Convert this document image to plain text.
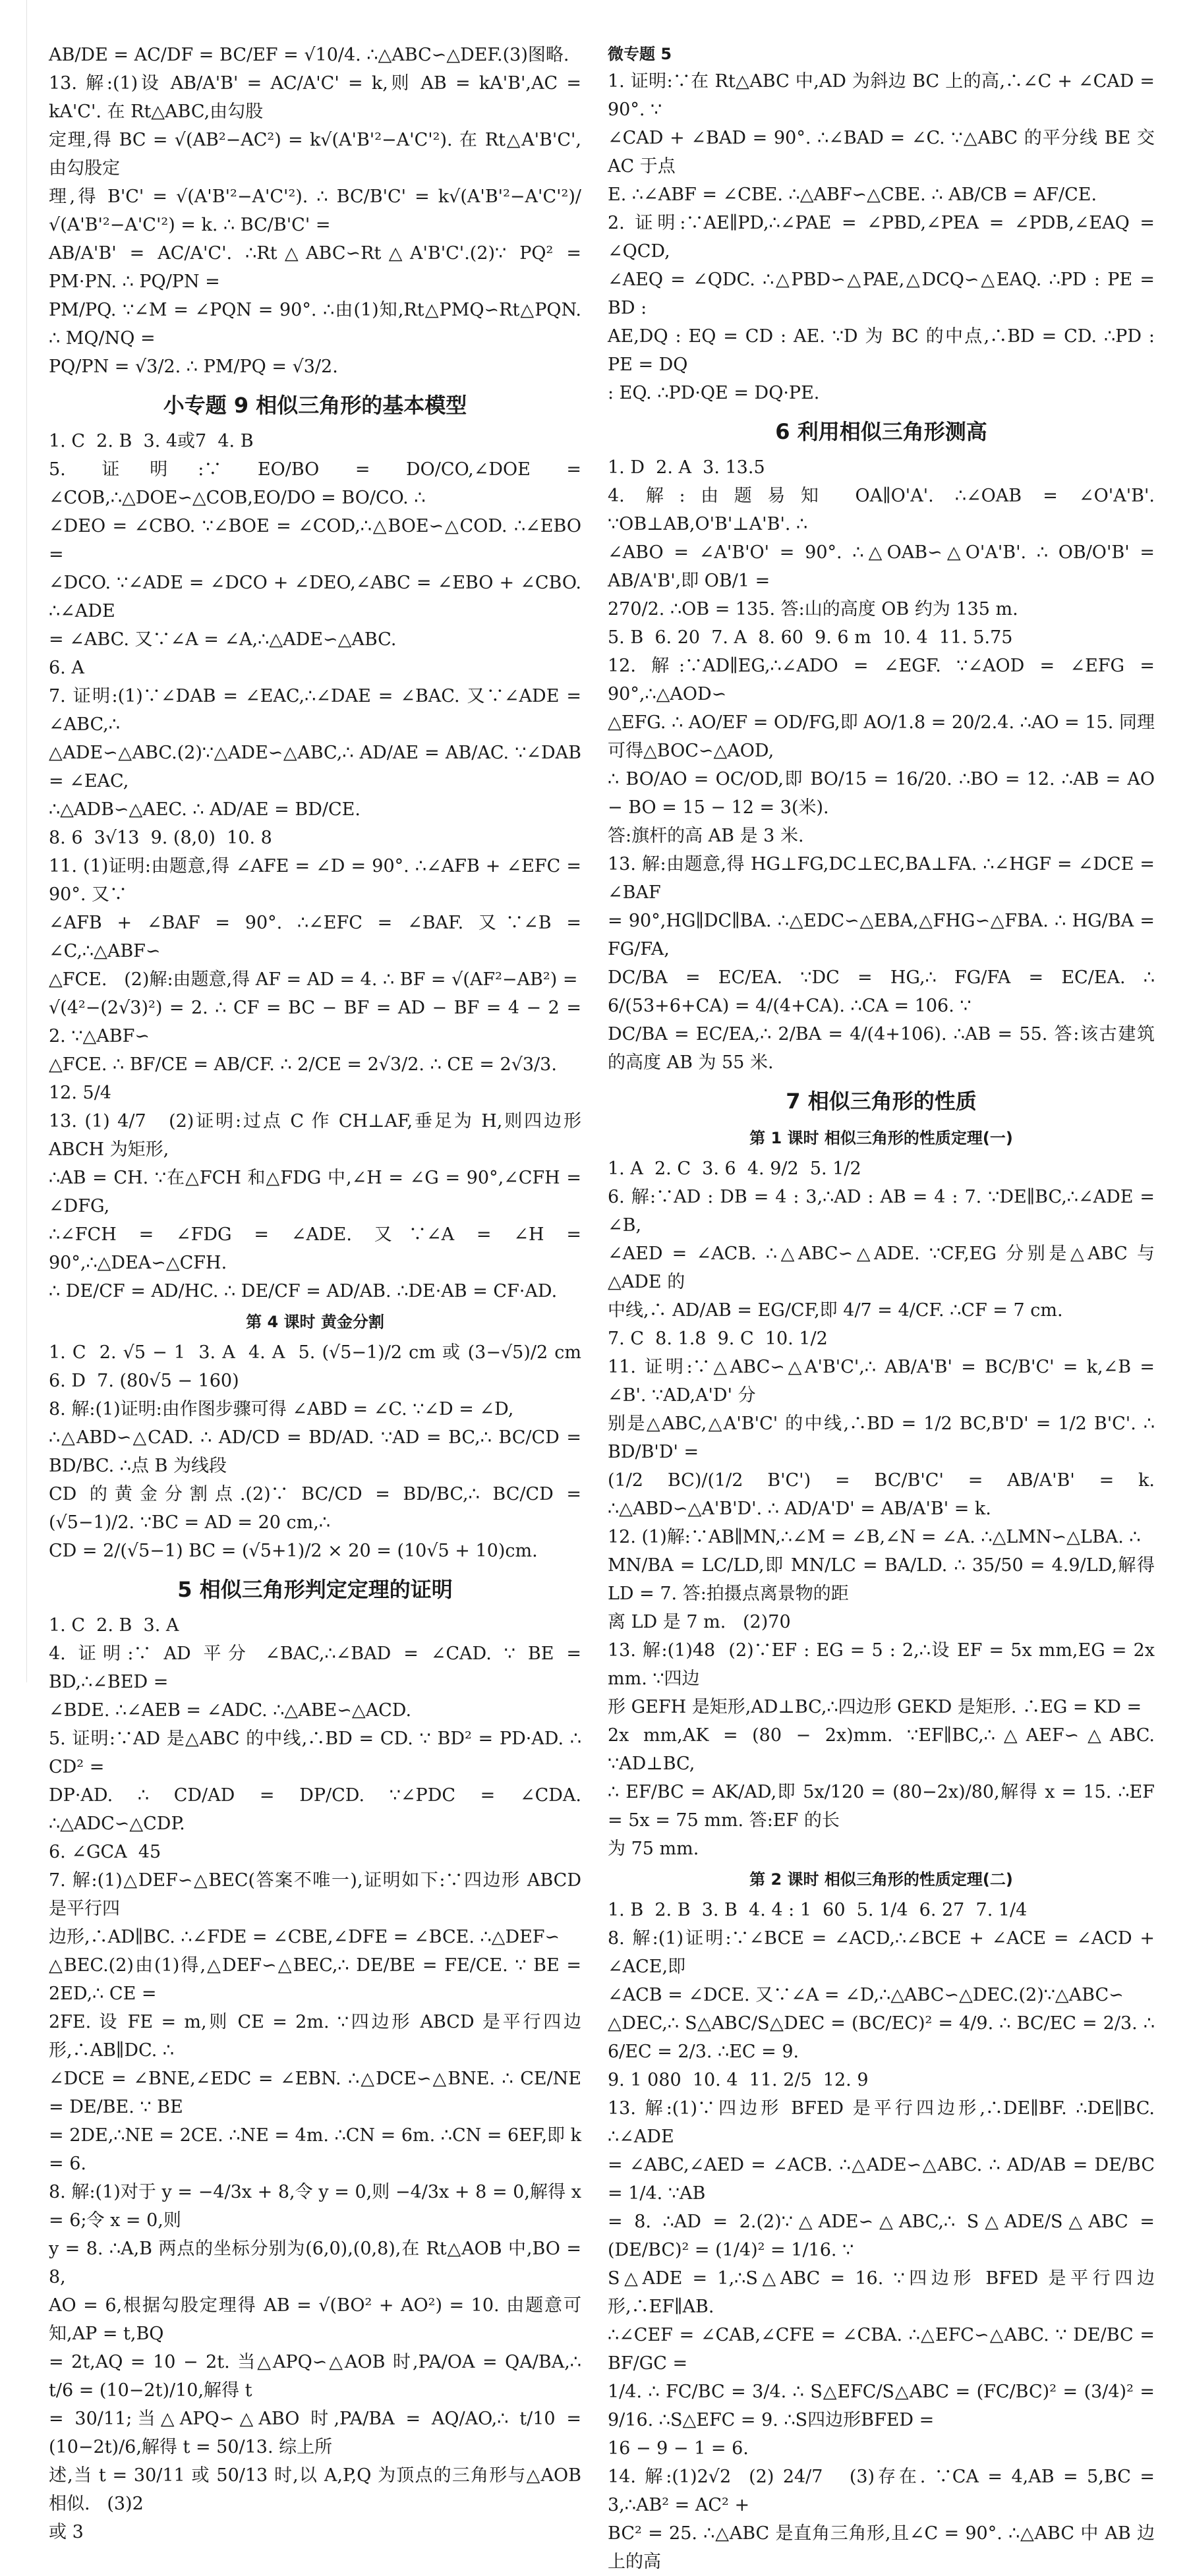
AB/DE = AC/DF = BC/EF = √10/4. ∴△ABC∽△DEF.(3)图略.

13. 解:(1)设 AB/A'B' = AC/A'C' = k,则 AB = kA'B',AC = kA'C'. 在 Rt△ABC,由勾股

定理,得 BC = √(AB²−AC²) = k√(A'B'²−A'C'²). 在 Rt△A'B'C',由勾股定

理,得 B'C' = √(A'B'²−A'C'²). ∴ BC/B'C' = k√(A'B'²−A'C'²)/√(A'B'²−A'C'²) = k. ∴ BC/B'C' =

AB/A'B' = AC/A'C'. ∴Rt△ABC∽Rt△A'B'C'.(2)∵ PQ² = PM·PN. ∴ PQ/PN =

PM/PQ. ∵∠M = ∠PQN = 90°. ∴由(1)知,Rt△PMQ∽Rt△PQN. ∴ MQ/NQ =

PQ/PN = √3/2. ∴ PM/PQ = √3/2.

小专题 9 相似三角形的基本模型

1. C  2. B  3. 4或7  4. B

5. 证明:∵ EO/BO = DO/CO,∠DOE = ∠COB,∴△DOE∽△COB,EO/DO = BO/CO. ∴

∠DEO = ∠CBO. ∵∠BOE = ∠COD,∴△BOE∽△COD. ∴∠EBO =

∠DCO. ∵∠ADE = ∠DCO + ∠DEO,∠ABC = ∠EBO + ∠CBO. ∴∠ADE

= ∠ABC. 又∵∠A = ∠A,∴△ADE∽△ABC.

6. A

7. 证明:(1)∵∠DAB = ∠EAC,∴∠DAE = ∠BAC. 又∵∠ADE = ∠ABC,∴

△ADE∽△ABC.(2)∵△ADE∽△ABC,∴ AD/AE = AB/AC. ∵∠DAB = ∠EAC,

∴△ADB∽△AEC. ∴ AD/AE = BD/CE.

8. 6  3√13  9. (8,0)  10. 8

11. (1)证明:由题意,得 ∠AFE = ∠D = 90°. ∴∠AFB + ∠EFC = 90°. 又∵

∠AFB + ∠BAF = 90°. ∴∠EFC = ∠BAF. 又∵∠B = ∠C,∴△ABF∽

△FCE.   (2)解:由题意,得 AF = AD = 4. ∴ BF = √(AF²−AB²) =

√(4²−(2√3)²) = 2. ∴ CF = BC − BF = AD − BF = 4 − 2 = 2. ∵△ABF∽

△FCE. ∴ BF/CE = AB/CF. ∴ 2/CE = 2√3/2. ∴ CE = 2√3/3.

12. 5/4

13. (1) 4/7   (2)证明:过点 C 作 CH⊥AF,垂足为 H,则四边形 ABCH 为矩形,

∴AB = CH. ∵在△FCH 和△FDG 中,∠H = ∠G = 90°,∠CFH = ∠DFG,

∴∠FCH = ∠FDG = ∠ADE. 又∵∠A = ∠H = 90°,∴△DEA∽△CFH.

∴ DE/CF = AD/HC. ∴ DE/CF = AD/AB. ∴DE·AB = CF·AD.

第 4 课时 黄金分割

1. C  2. √5 − 1  3. A  4. A  5. (√5−1)/2 cm 或 (3−√5)/2 cm  6. D  7. (80√5 − 160)

8. 解:(1)证明:由作图步骤可得 ∠ABD = ∠C. ∵∠D = ∠D,

∴△ABD∽△CAD. ∴ AD/CD = BD/AD. ∵AD = BC,∴ BC/CD = BD/BC. ∴点 B 为线段

CD 的黄金分割点.(2)∵ BC/CD = BD/BC,∴ BC/CD = (√5−1)/2. ∵BC = AD = 20 cm,∴

CD = 2/(√5−1) BC = (√5+1)/2 × 20 = (10√5 + 10)cm.

5 相似三角形判定定理的证明

1. C  2. B  3. A

4. 证明:∵ AD 平分 ∠BAC,∴∠BAD = ∠CAD. ∵ BE = BD,∴∠BED =

∠BDE. ∴∠AEB = ∠ADC. ∴△ABE∽△ACD.

5. 证明:∵AD 是△ABC 的中线,∴BD = CD. ∵ BD² = PD·AD. ∴ CD² =

DP·AD. ∴ CD/AD = DP/CD. ∵∠PDC = ∠CDA. ∴△ADC∽△CDP.

6. ∠GCA  45

7. 解:(1)△DEF∽△BEC(答案不唯一),证明如下:∵四边形 ABCD 是平行四

边形,∴AD∥BC. ∴∠FDE = ∠CBE,∠DFE = ∠BCE. ∴△DEF∽

△BEC.(2)由(1)得,△DEF∽△BEC,∴ DE/BE = FE/CE. ∵ BE = 2ED,∴ CE =

2FE. 设 FE = m,则 CE = 2m. ∵四边形 ABCD 是平行四边形,∴AB∥DC. ∴

∠DCE = ∠BNE,∠EDC = ∠EBN. ∴△DCE∽△BNE. ∴ CE/NE = DE/BE. ∵ BE

= 2DE,∴NE = 2CE. ∴NE = 4m. ∴CN = 6m. ∴CN = 6EF,即 k = 6.

8. 解:(1)对于 y = −4/3x + 8,令 y = 0,则 −4/3x + 8 = 0,解得 x = 6;令 x = 0,则

y = 8. ∴A,B 两点的坐标分别为(6,0),(0,8),在 Rt△AOB 中,BO = 8,

AO = 6,根据勾股定理得 AB = √(BO² + AO²) = 10. 由题意可知,AP = t,BQ

= 2t,AQ = 10 − 2t. 当△APQ∽△AOB 时,PA/OA = QA/BA,∴ t/6 = (10−2t)/10,解得 t

= 30/11;当△APQ∽△ABO 时,PA/BA = AQ/AO,∴ t/10 = (10−2t)/6,解得 t = 50/13. 综上所

述,当 t = 30/11 或 50/13 时,以 A,P,Q 为顶点的三角形与△AOB 相似.   (3)2

或 3

微专题 5

1. 证明:∵在 Rt△ABC 中,AD 为斜边 BC 上的高,∴∠C + ∠CAD = 90°. ∵

∠CAD + ∠BAD = 90°. ∴∠BAD = ∠C. ∵△ABC 的平分线 BE 交 AC 于点

E. ∴∠ABF = ∠CBE. ∴△ABF∽△CBE. ∴ AB/CB = AF/CE.

2. 证明:∵AE∥PD,∴∠PAE = ∠PBD,∠PEA = ∠PDB,∠EAQ = ∠QCD,

∠AEQ = ∠QDC. ∴△PBD∽△PAE,△DCQ∽△EAQ. ∴PD : PE = BD :

AE,DQ : EQ = CD : AE. ∵D 为 BC 的中点,∴BD = CD. ∴PD : PE = DQ

: EQ. ∴PD·QE = DQ·PE.

6 利用相似三角形测高

1. D  2. A  3. 13.5

4. 解:由题易知 OA∥O'A'. ∴∠OAB = ∠O'A'B'. ∵OB⊥AB,O'B'⊥A'B'. ∴

∠ABO = ∠A'B'O' = 90°. ∴△OAB∽△O'A'B'. ∴ OB/O'B' = AB/A'B',即 OB/1 =

270/2. ∴OB = 135. 答:山的高度 OB 约为 135 m.

5. B  6. 20  7. A  8. 60  9. 6 m  10. 4  11. 5.75

12. 解:∵AD∥EG,∴∠ADO = ∠EGF. ∵∠AOD = ∠EFG = 90°,∴△AOD∽

△EFG. ∴ AO/EF = OD/FG,即 AO/1.8 = 20/2.4. ∴AO = 15. 同理可得△BOC∽△AOD,

∴ BO/AO = OC/OD,即 BO/15 = 16/20. ∴BO = 12. ∴AB = AO − BO = 15 − 12 = 3(米).

答:旗杆的高 AB 是 3 米.

13. 解:由题意,得 HG⊥FG,DC⊥EC,BA⊥FA. ∴∠HGF = ∠DCE = ∠BAF

= 90°,HG∥DC∥BA. ∴△EDC∽△EBA,△FHG∽△FBA. ∴ HG/BA = FG/FA,

DC/BA = EC/EA. ∵DC = HG,∴ FG/FA = EC/EA. ∴ 6/(53+6+CA) = 4/(4+CA). ∴CA = 106. ∵

DC/BA = EC/EA,∴ 2/BA = 4/(4+106). ∴AB = 55. 答:该古建筑的高度 AB 为 55 米.

7 相似三角形的性质

第 1 课时 相似三角形的性质定理(一)

1. A  2. C  3. 6  4. 9/2  5. 1/2

6. 解:∵AD : DB = 4 : 3,∴AD : AB = 4 : 7. ∵DE∥BC,∴∠ADE = ∠B,

∠AED = ∠ACB. ∴△ABC∽△ADE. ∵CF,EG 分别是△ABC 与△ADE 的

中线,∴ AD/AB = EG/CF,即 4/7 = 4/CF. ∴CF = 7 cm.

7. C  8. 1.8  9. C  10. 1/2

11. 证明:∵△ABC∽△A'B'C',∴ AB/A'B' = BC/B'C' = k,∠B = ∠B'. ∵AD,A'D' 分

别是△ABC,△A'B'C' 的中线,∴BD = 1/2 BC,B'D' = 1/2 B'C'. ∴ BD/B'D' =

(1/2 BC)/(1/2 B'C') = BC/B'C' = AB/A'B' = k. ∴△ABD∽△A'B'D'. ∴ AD/A'D' = AB/A'B' = k.

12. (1)解:∵AB∥MN,∴∠M = ∠B,∠N = ∠A. ∴△LMN∽△LBA. ∴

MN/BA = LC/LD,即 MN/LC = BA/LD. ∴ 35/50 = 4.9/LD,解得 LD = 7. 答:拍摄点离景物的距

离 LD 是 7 m.   (2)70

13. 解:(1)48  (2)∵EF : EG = 5 : 2,∴设 EF = 5x mm,EG = 2x mm. ∵四边

形 GEFH 是矩形,AD⊥BC,∴四边形 GEKD 是矩形. ∴EG = KD =

2x mm,AK = (80 − 2x)mm. ∵EF∥BC,∴△AEF∽△ABC. ∵AD⊥BC,

∴ EF/BC = AK/AD,即 5x/120 = (80−2x)/80,解得 x = 15. ∴EF = 5x = 75 mm. 答:EF 的长

为 75 mm.

第 2 课时 相似三角形的性质定理(二)

1. B  2. B  3. B  4. 4 : 1  60  5. 1/4  6. 27  7. 1/4

8. 解:(1)证明:∵∠BCE = ∠ACD,∴∠BCE + ∠ACE = ∠ACD + ∠ACE,即

∠ACB = ∠DCE. 又∵∠A = ∠D,∴△ABC∽△DEC.(2)∵△ABC∽

△DEC,∴ S△ABC/S△DEC = (BC/EC)² = 4/9. ∴ BC/EC = 2/3. ∴ 6/EC = 2/3. ∴EC = 9.

9. 1 080  10. 4  11. 2/5  12. 9

13. 解:(1)∵四边形 BFED 是平行四边形,∴DE∥BF. ∴DE∥BC. ∴∠ADE

= ∠ABC,∠AED = ∠ACB. ∴△ADE∽△ABC. ∴ AD/AB = DE/BC = 1/4. ∵AB

= 8. ∴AD = 2.(2)∵△ADE∽△ABC,∴ S△ADE/S△ABC = (DE/BC)² = (1/4)² = 1/16. ∵

S△ADE = 1,∴S△ABC = 16. ∵四边形 BFED 是平行四边形,∴EF∥AB.

∴∠CEF = ∠CAB,∠CFE = ∠CBA. ∴△EFC∽△ABC. ∵ DE/BC = BF/GC =

1/4. ∴ FC/BC = 3/4. ∴ S△EFC/S△ABC = (FC/BC)² = (3/4)² = 9/16. ∴S△EFC = 9. ∴S四边形BFED =

16 − 9 − 1 = 6.

14. 解:(1)2√2  (2) 24/7   (3)存在. ∵CA = 4,AB = 5,BC = 3,∴AB² = AC² +

BC² = 25. ∴△ABC 是直角三角形,且∠C = 90°. ∴△ABC 中 AB 边上的高
